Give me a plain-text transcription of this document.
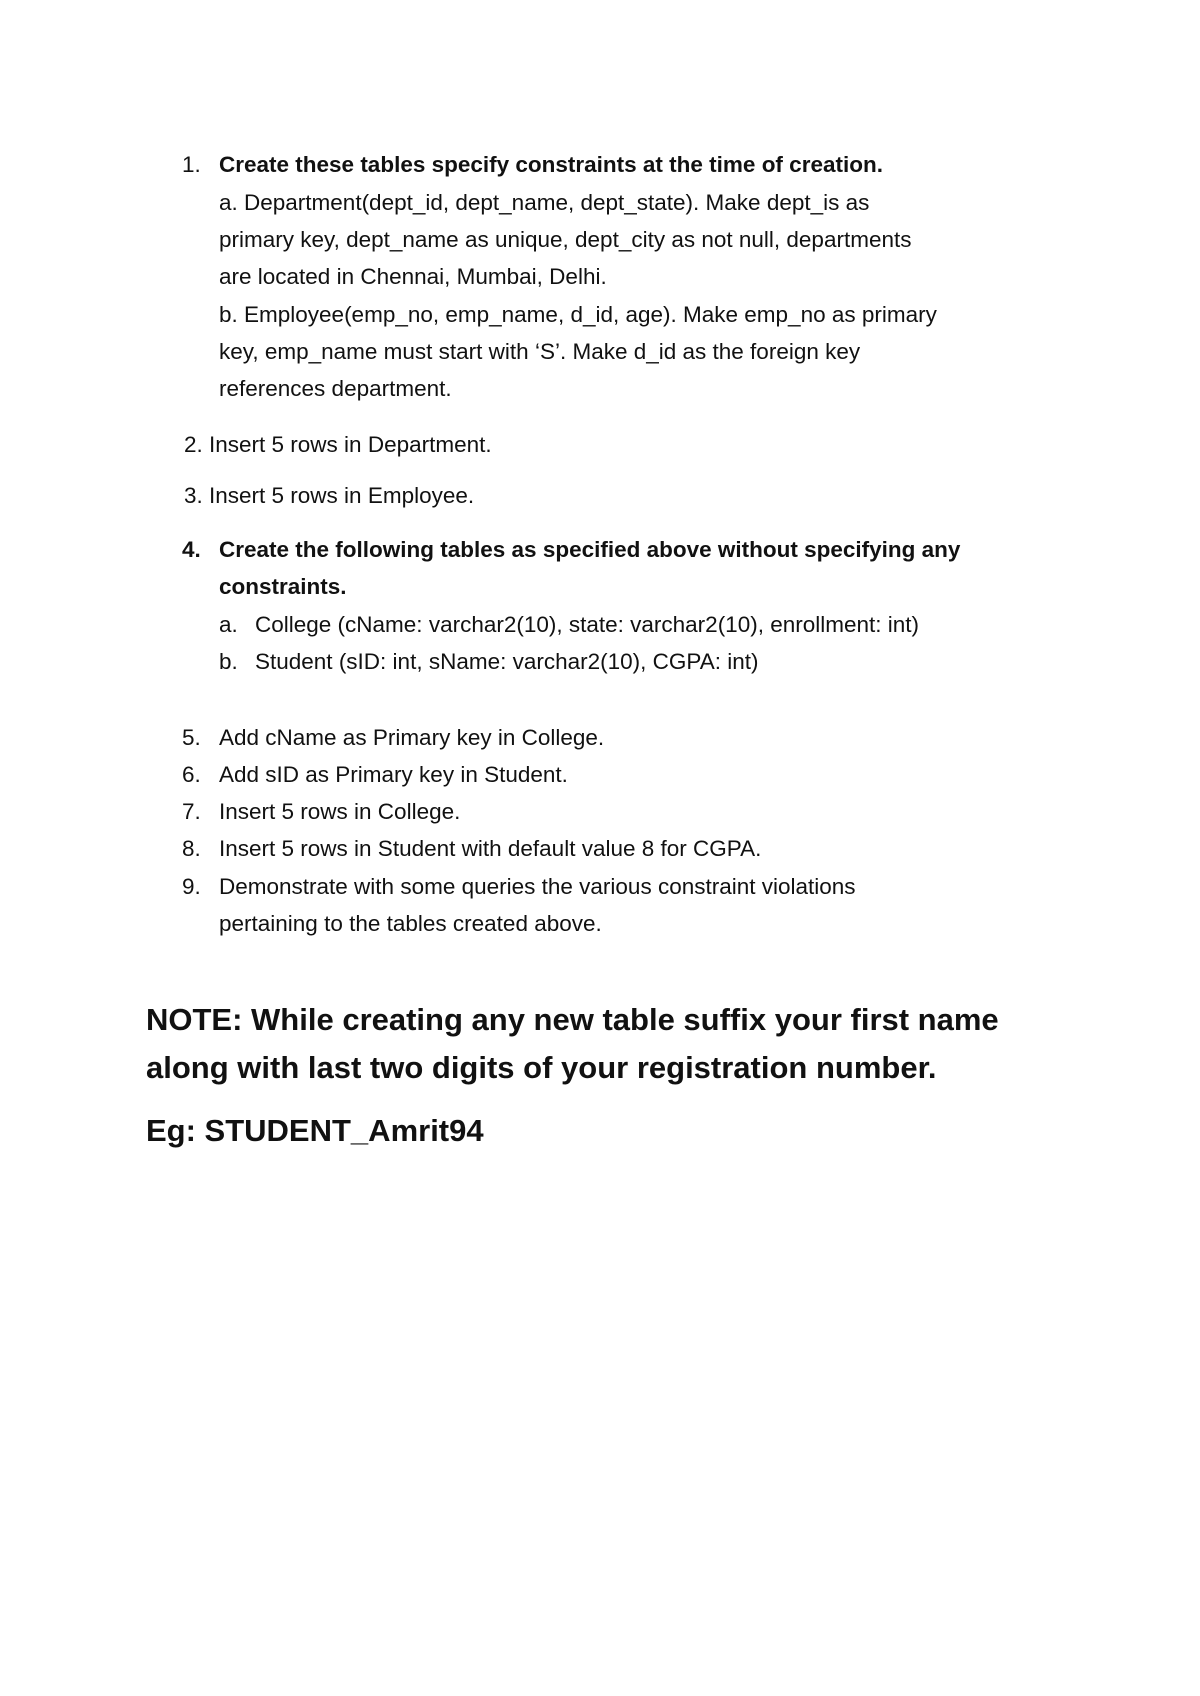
1. Create these tables specify constraints at the time of creation.
a. Department(dept_id, dept_name, dept_state). Make dept_is as
primary key, dept_name as unique, dept_city as not null, departments
are located in Chennai, Mumbai, Delhi.
b. Employee(emp_no, emp_name, d_id, age). Make emp_no as primary
key, emp_name must start with ‘S’. Make d_id as the foreign key
references department.
2. Insert 5 rows in Department.
3. Insert 5 rows in Employee.
4. Create the following tables as specified above without specifying any
constraints.
a. College (cName: varchar2(10), state: varchar2(10), enrollment: int)
b. Student (sID: int, sName: varchar2(10), CGPA: int)
5. Add cName as Primary key in College.
6. Add sID as Primary key in Student.
7. Insert 5 rows in College.
8. Insert 5 rows in Student with default value 8 for CGPA.
9. Demonstrate with some queries the various constraint violations
pertaining to the tables created above.
NOTE: While creating any new table suffix your first name
along with last two digits of your registration number.
Eg: STUDENT_Amrit94
